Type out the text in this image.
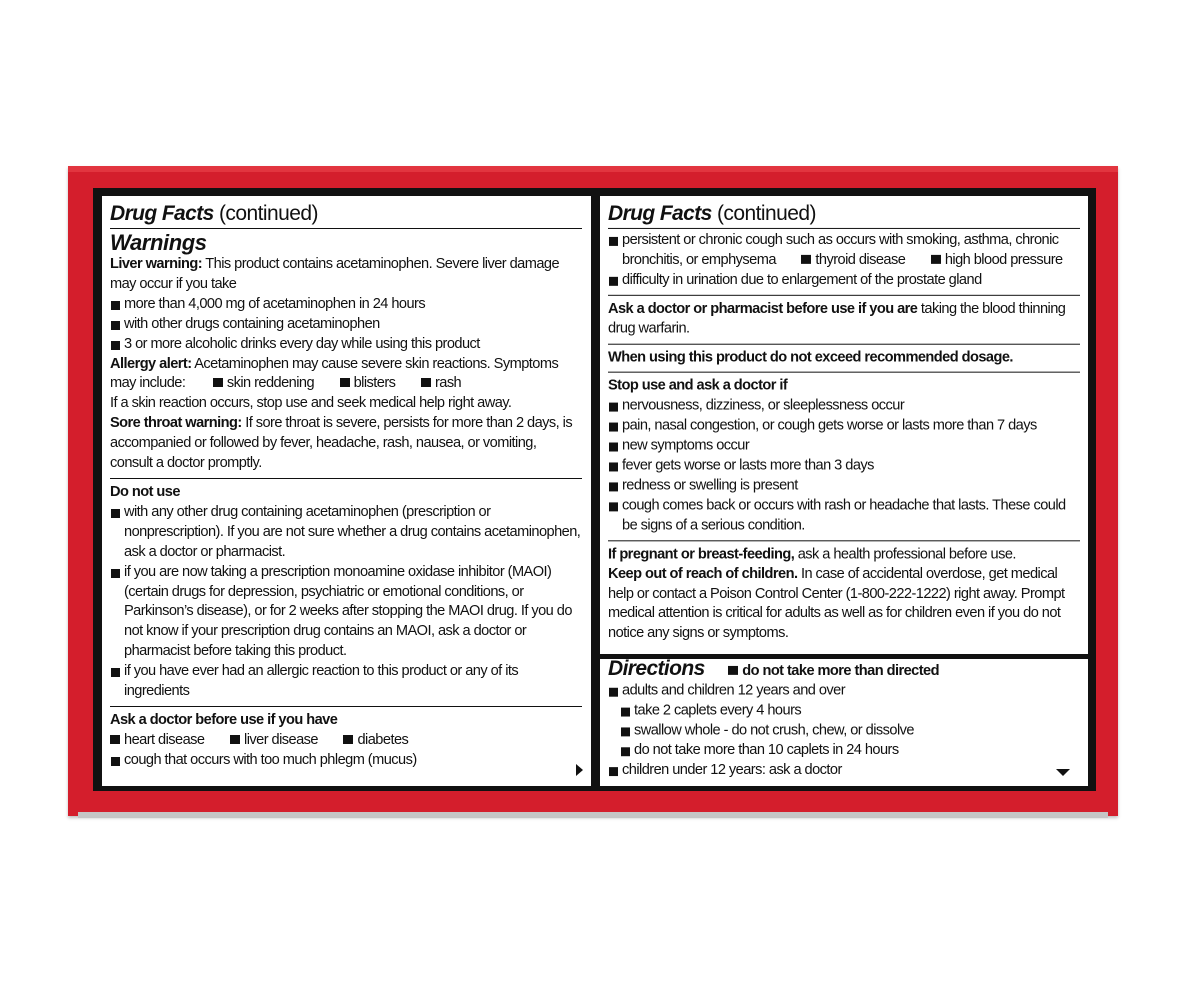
Drug Facts (continued)
Warnings
Liver warning: This product contains acetaminophen. Severe liver damage may occur if you take
more than 4,000 mg of acetaminophen in 24 hours
with other drugs containing acetaminophen
3 or more alcoholic drinks every day while using this product
Allergy alert: Acetaminophen may cause severe skin reactions. Symptoms may include:	skin reddening	blisters	rash
If a skin reaction occurs, stop use and seek medical help right away.
Sore throat warning: If sore throat is severe, persists for more than 2 days, is accompanied or followed by fever, headache, rash, nausea, or vomiting, consult a doctor promptly.
Do not use
with any other drug containing acetaminophen (prescription or nonprescription). If you are not sure whether a drug contains acetaminophen, ask a doctor or pharmacist.
if you are now taking a prescription monoamine oxidase inhibitor (MAOI) (certain drugs for depression, psychiatric or emotional conditions, or Parkinson’s disease), or for 2 weeks after stopping the MAOI drug. If you do not know if your prescription drug contains an MAOI, ask a doctor or pharmacist before taking this product.
if you have ever had an allergic reaction to this product or any of its ingredients
Ask a doctor before use if you have
heart disease	liver disease	diabetes
cough that occurs with too much phlegm (mucus)
Drug Facts (continued)
persistent or chronic cough such as occurs with smoking, asthma, chronic bronchitis, or emphysema	thyroid disease	high blood pressure
difficulty in urination due to enlargement of the prostate gland
Ask a doctor or pharmacist before use if you are taking the blood thinning drug warfarin.
When using this product do not exceed recommended dosage.
Stop use and ask a doctor if
nervousness, dizziness, or sleeplessness occur
pain, nasal congestion, or cough gets worse or lasts more than 7 days
new symptoms occur
fever gets worse or lasts more than 3 days
redness or swelling is present
cough comes back or occurs with rash or headache that lasts. These could be signs of a serious condition.
If pregnant or breast-feeding, ask a health professional before use.
Keep out of reach of children. In case of accidental overdose, get medical help or contact a Poison Control Center (1-800-222-1222) right away. Prompt medical attention is critical for adults as well as for children even if you do not notice any signs or symptoms.
Directions	do not take more than directed
adults and children 12 years and over
take 2 caplets every 4 hours
swallow whole - do not crush, chew, or dissolve
do not take more than 10 caplets in 24 hours
children under 12 years: ask a doctor
